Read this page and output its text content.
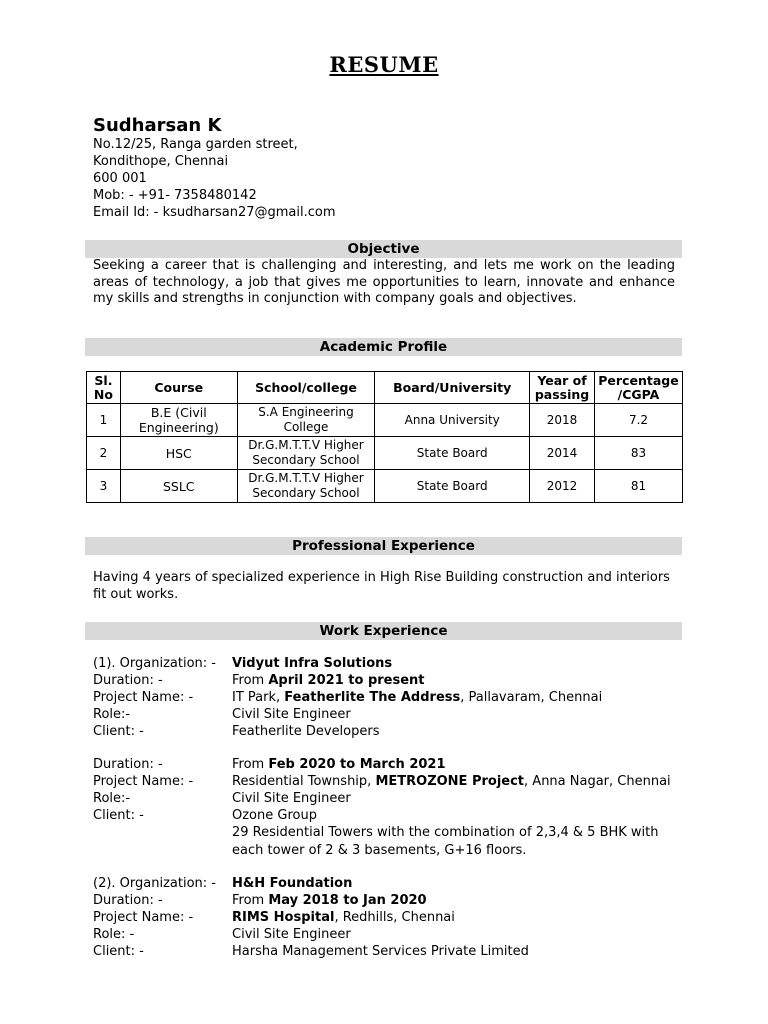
RESUME
Sudharsan K
No.12/25, Ranga garden street,
Kondithope, Chennai
600 001
Mob: - +91- 7358480142
Email Id: - ksudharsan27@gmail.com
Objective
Seeking a career that is challenging and interesting, and lets me work on the leading areas of technology, a job that gives me opportunities to learn, innovate and enhance my skills and strengths in conjunction with company goals and objectives.
Academic Profile
Sl. No	Course	School/college	Board/University	Year of passing	Percentage /CGPA
1	B.E (Civil Engineering)	S.A Engineering College	Anna University	2018	7.2
2	HSC	Dr.G.M.T.T.V Higher Secondary School	State Board	2014	83
3	SSLC	Dr.G.M.T.T.V Higher Secondary School	State Board	2012	81
Professional Experience
Having 4 years of specialized experience in High Rise Building construction and interiors fit out works.
Work Experience
(1). Organization: - Vidyut Infra Solutions
Duration: -	From April 2021 to present
Project Name: -	IT Park, Featherlite The Address, Pallavaram, Chennai
Role:-	Civil Site Engineer
Client: -	Featherlite Developers
Duration: -	From Feb 2020 to March 2021
Project Name: -	Residential Township, METROZONE Project, Anna Nagar, Chennai
Role:-	Civil Site Engineer
Client: -	Ozone Group
29 Residential Towers with the combination of 2,3,4 & 5 BHK with each tower of 2 & 3 basements, G+16 floors.
(2). Organization: - H&H Foundation
Duration: -	From May 2018 to Jan 2020
Project Name: -	RIMS Hospital, Redhills, Chennai
Role: -	Civil Site Engineer
Client: -	Harsha Management Services Private Limited
